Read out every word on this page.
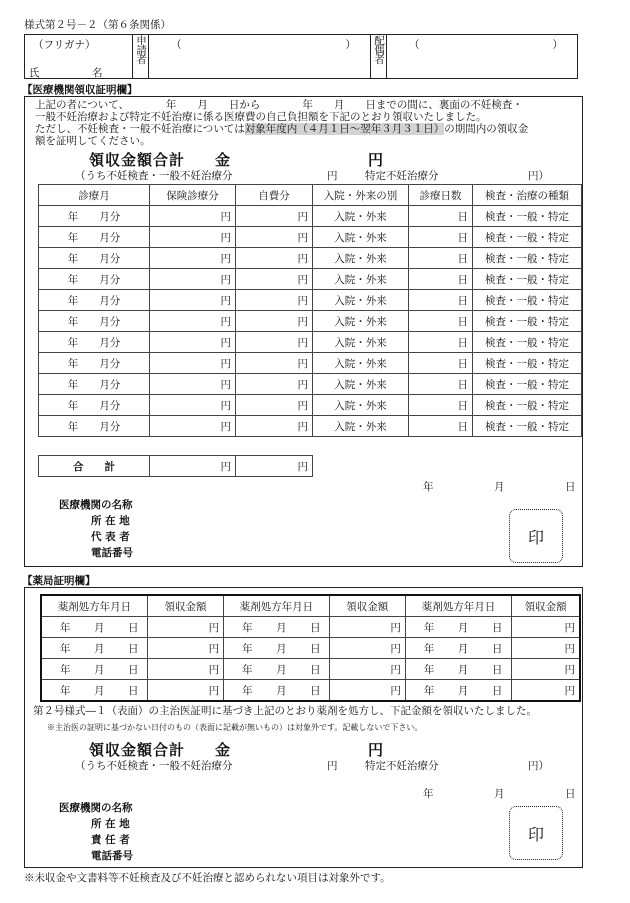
様式第２号－２（第６条関係）
（フリガナ）
氏　　　　　名
	申請者	（	）	配偶者	（	）
【医療機関領収証明欄】
上記の者について、　　　　年　　月　　日から　　　　年　　月　　日までの間に、裏面の不妊検査・
一般不妊治療および特定不妊治療に係る医療費の自己負担額を下記のとおり領収いたしました。
ただし、不妊検査・一般不妊治療については対象年度内（４月１日～翌年３月３１日）の期間内の領収金
額を証明してください。
領収金額合計 金	円
（うち不妊検査・一般不妊治療分	円	特定不妊治療分	円）
診療月	保険診療分	自費分	入院・外来の別	診療日数	検査・治療の種類
年　　月分	円	円	入院・外来	日	検査・一般・特定
年　　月分	円	円	入院・外来	日	検査・一般・特定
年　　月分	円	円	入院・外来	日	検査・一般・特定
年　　月分	円	円	入院・外来	日	検査・一般・特定
年　　月分	円	円	入院・外来	日	検査・一般・特定
年　　月分	円	円	入院・外来	日	検査・一般・特定
年　　月分	円	円	入院・外来	日	検査・一般・特定
年　　月分	円	円	入院・外来	日	検査・一般・特定
年　　月分	円	円	入院・外来	日	検査・一般・特定
年　　月分	円	円	入院・外来	日	検査・一般・特定
年　　月分	円	円	入院・外来	日	検査・一般・特定
合　　計	円	円
年	月	日
医療機関の名称
所 在 地
代 表 者
電話番号
印
【薬局証明欄】
薬剤処方年月日	領収金額	薬剤処方年月日	領収金額	薬剤処方年月日	領収金額

年 月 日	円	年 月 日	円	年 月 日	円

年 月 日	円	年 月 日	円	年 月 日	円

年 月 日	円	年 月 日	円	年 月 日	円

年 月 日	円	年 月 日	円	年 月 日	円
第２号様式―１（表面）の主治医証明に基づき上記のとおり薬剤を処方し、下記金額を領収いたしました。
※主治医の証明に基づかない日付のもの（表面に記載が無いもの）は対象外です。記載しないで下さい。
領収金額合計 金	円
（うち不妊検査・一般不妊治療分	円	特定不妊治療分	円）
年	月	日
医療機関の名称
所 在 地
責 任 者
電話番号
印
※未収金や文書料等不妊検査及び不妊治療と認められない項目は対象外です。
